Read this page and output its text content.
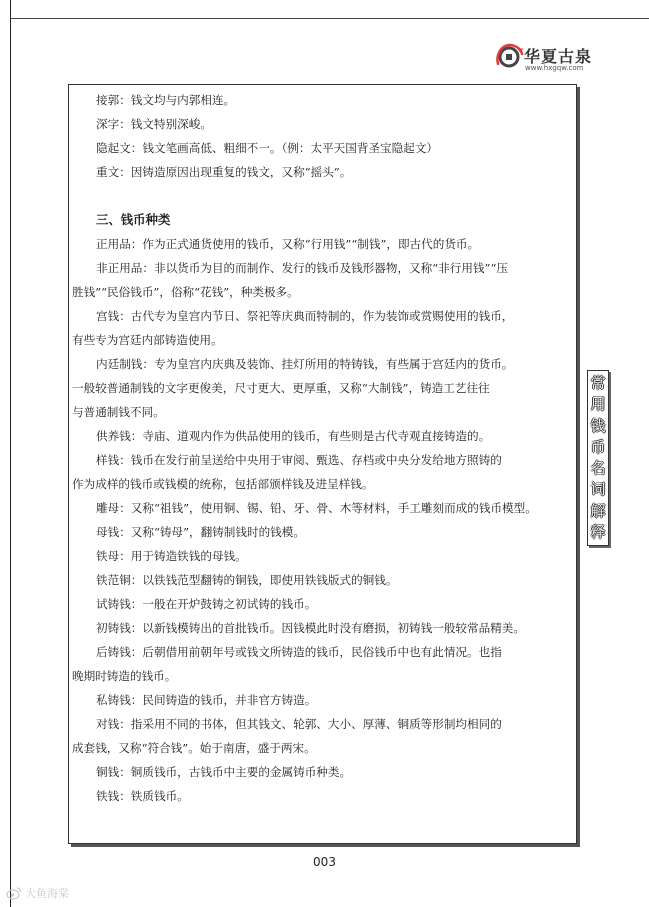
华夏古泉
www.hxgqw.com
接郭：钱文均与内郭相连。
深字：钱文特别深峻。
隐起文：钱文笔画高低、粗细不一。（例：太平天国背圣宝隐起文）
重文：因铸造原因出现重复的钱文，又称“摇头”。
三、钱币种类
正用品：作为正式通货使用的钱币，又称“行用钱”“制钱”，即古代的货币。
非正用品：非以货币为目的而制作、发行的钱币及钱形器物，又称“非行用钱”“压
胜钱”“民俗钱币”，俗称“花钱”，种类极多。
宫钱：古代专为皇宫内节日、祭祀等庆典而特制的，作为装饰或赏赐使用的钱币，
有些专为宫廷内部铸造使用。
内廷制钱：专为皇宫内庆典及装饰、挂灯所用的特铸钱，有些属于宫廷内的货币。
一般较普通制钱的文字更俊美，尺寸更大、更厚重，又称“大制钱”，铸造工艺往往
与普通制钱不同。
供养钱：寺庙、道观内作为供品使用的钱币，有些则是古代寺观直接铸造的。
样钱：钱币在发行前呈送给中央用于审阅、甄选、存档或中央分发给地方照铸的
作为成样的钱币或钱模的统称，包括部颁样钱及进呈样钱。
雕母：又称“祖钱”，使用铜、锡、铅、牙、骨、木等材料，手工雕刻而成的钱币模型。
母钱：又称“铸母”，翻铸制钱时的钱模。
铁母：用于铸造铁钱的母钱。
铁范铜：以铁钱范型翻铸的铜钱，即使用铁钱版式的铜钱。
试铸钱：一般在开炉鼓铸之初试铸的钱币。
初铸钱：以新钱模铸出的首批钱币。因钱模此时没有磨损，初铸钱一般较常品精美。
后铸钱：后朝借用前朝年号或钱文所铸造的钱币，民俗钱币中也有此情况。也指
晚期时铸造的钱币。
私铸钱：民间铸造的钱币，并非官方铸造。
对钱：指采用不同的书体，但其钱文、轮郭、大小、厚薄、铜质等形制均相同的
成套钱，又称“符合钱”。始于南唐，盛于两宋。
铜钱：铜质钱币，古钱币中主要的金属铸币种类。
铁钱：铁质钱币。
常
用
钱
币
名
词
解
释
003
大鱼海棠
